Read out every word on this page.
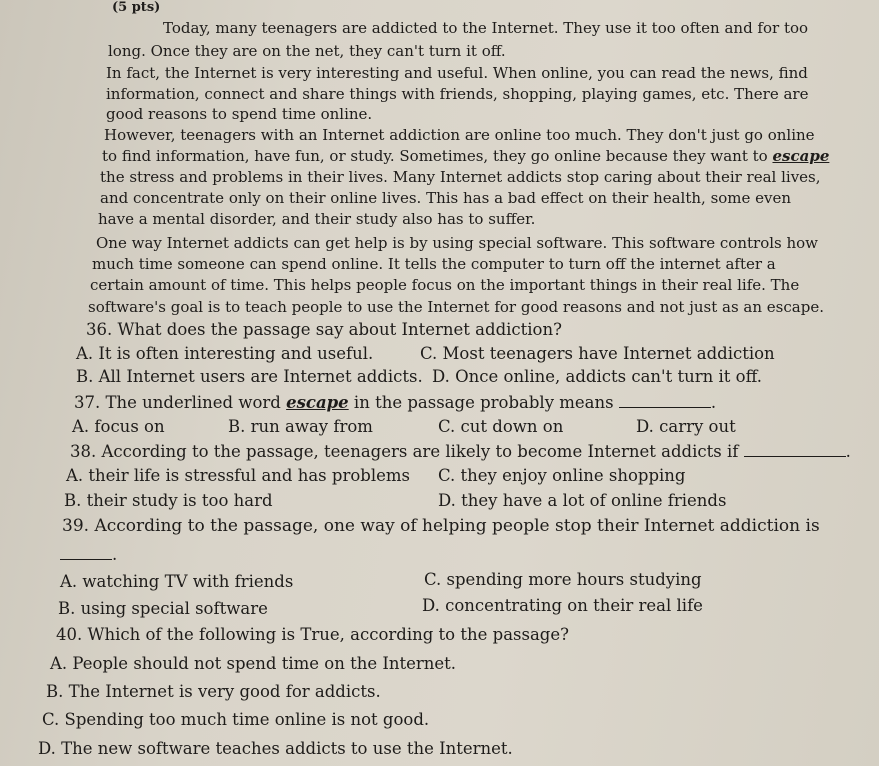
(5 pts)
Today, many teenagers are addicted to the Internet. They use it too often and for too
long. Once they are on the net, they can't turn it off.
In fact, the Internet is very interesting and useful. When online, you can read the news, find
information, connect and share things with friends, shopping, playing games, etc. There are
good reasons to spend time online.
However, teenagers with an Internet addiction are online too much. They don't just go online
to find information, have fun, or study. Sometimes, they go online because they want to escape
the stress and problems in their lives. Many Internet addicts stop caring about their real lives,
and concentrate only on their online lives. This has a bad effect on their health, some even
have a mental disorder, and their study also has to suffer.
One way Internet addicts can get help is by using special software. This software controls how
much time someone can spend online. It tells the computer to turn off the internet after a
certain amount of time. This helps people focus on the important things in their real life. The
software's goal is to teach people to use the Internet for good reasons and not just as an escape.
36. What does the passage say about Internet addiction?
A. It is often interesting and useful.	C. Most teenagers have Internet addiction
B. All Internet users are Internet addicts. D. Once online, addicts can't turn it off.
37. The underlined word escape in the passage probably means	.
A. focus on	B. run away from	C. cut down on	D. carry out
38. According to the passage, teenagers are likely to become Internet addicts if	.
A. their life is stressful and has problems C. they enjoy online shopping
B. their study is too hard	D. they have a lot of online friends
39. According to the passage, one way of helping people stop their Internet addiction is
.
A. watching TV with friends	C. spending more hours studying
B. using special software	D. concentrating on their real life
40. Which of the following is True, according to the passage?
A. People should not spend time on the Internet.
B. The Internet is very good for addicts.
C. Spending too much time online is not good.
D. The new software teaches addicts to use the Internet.
